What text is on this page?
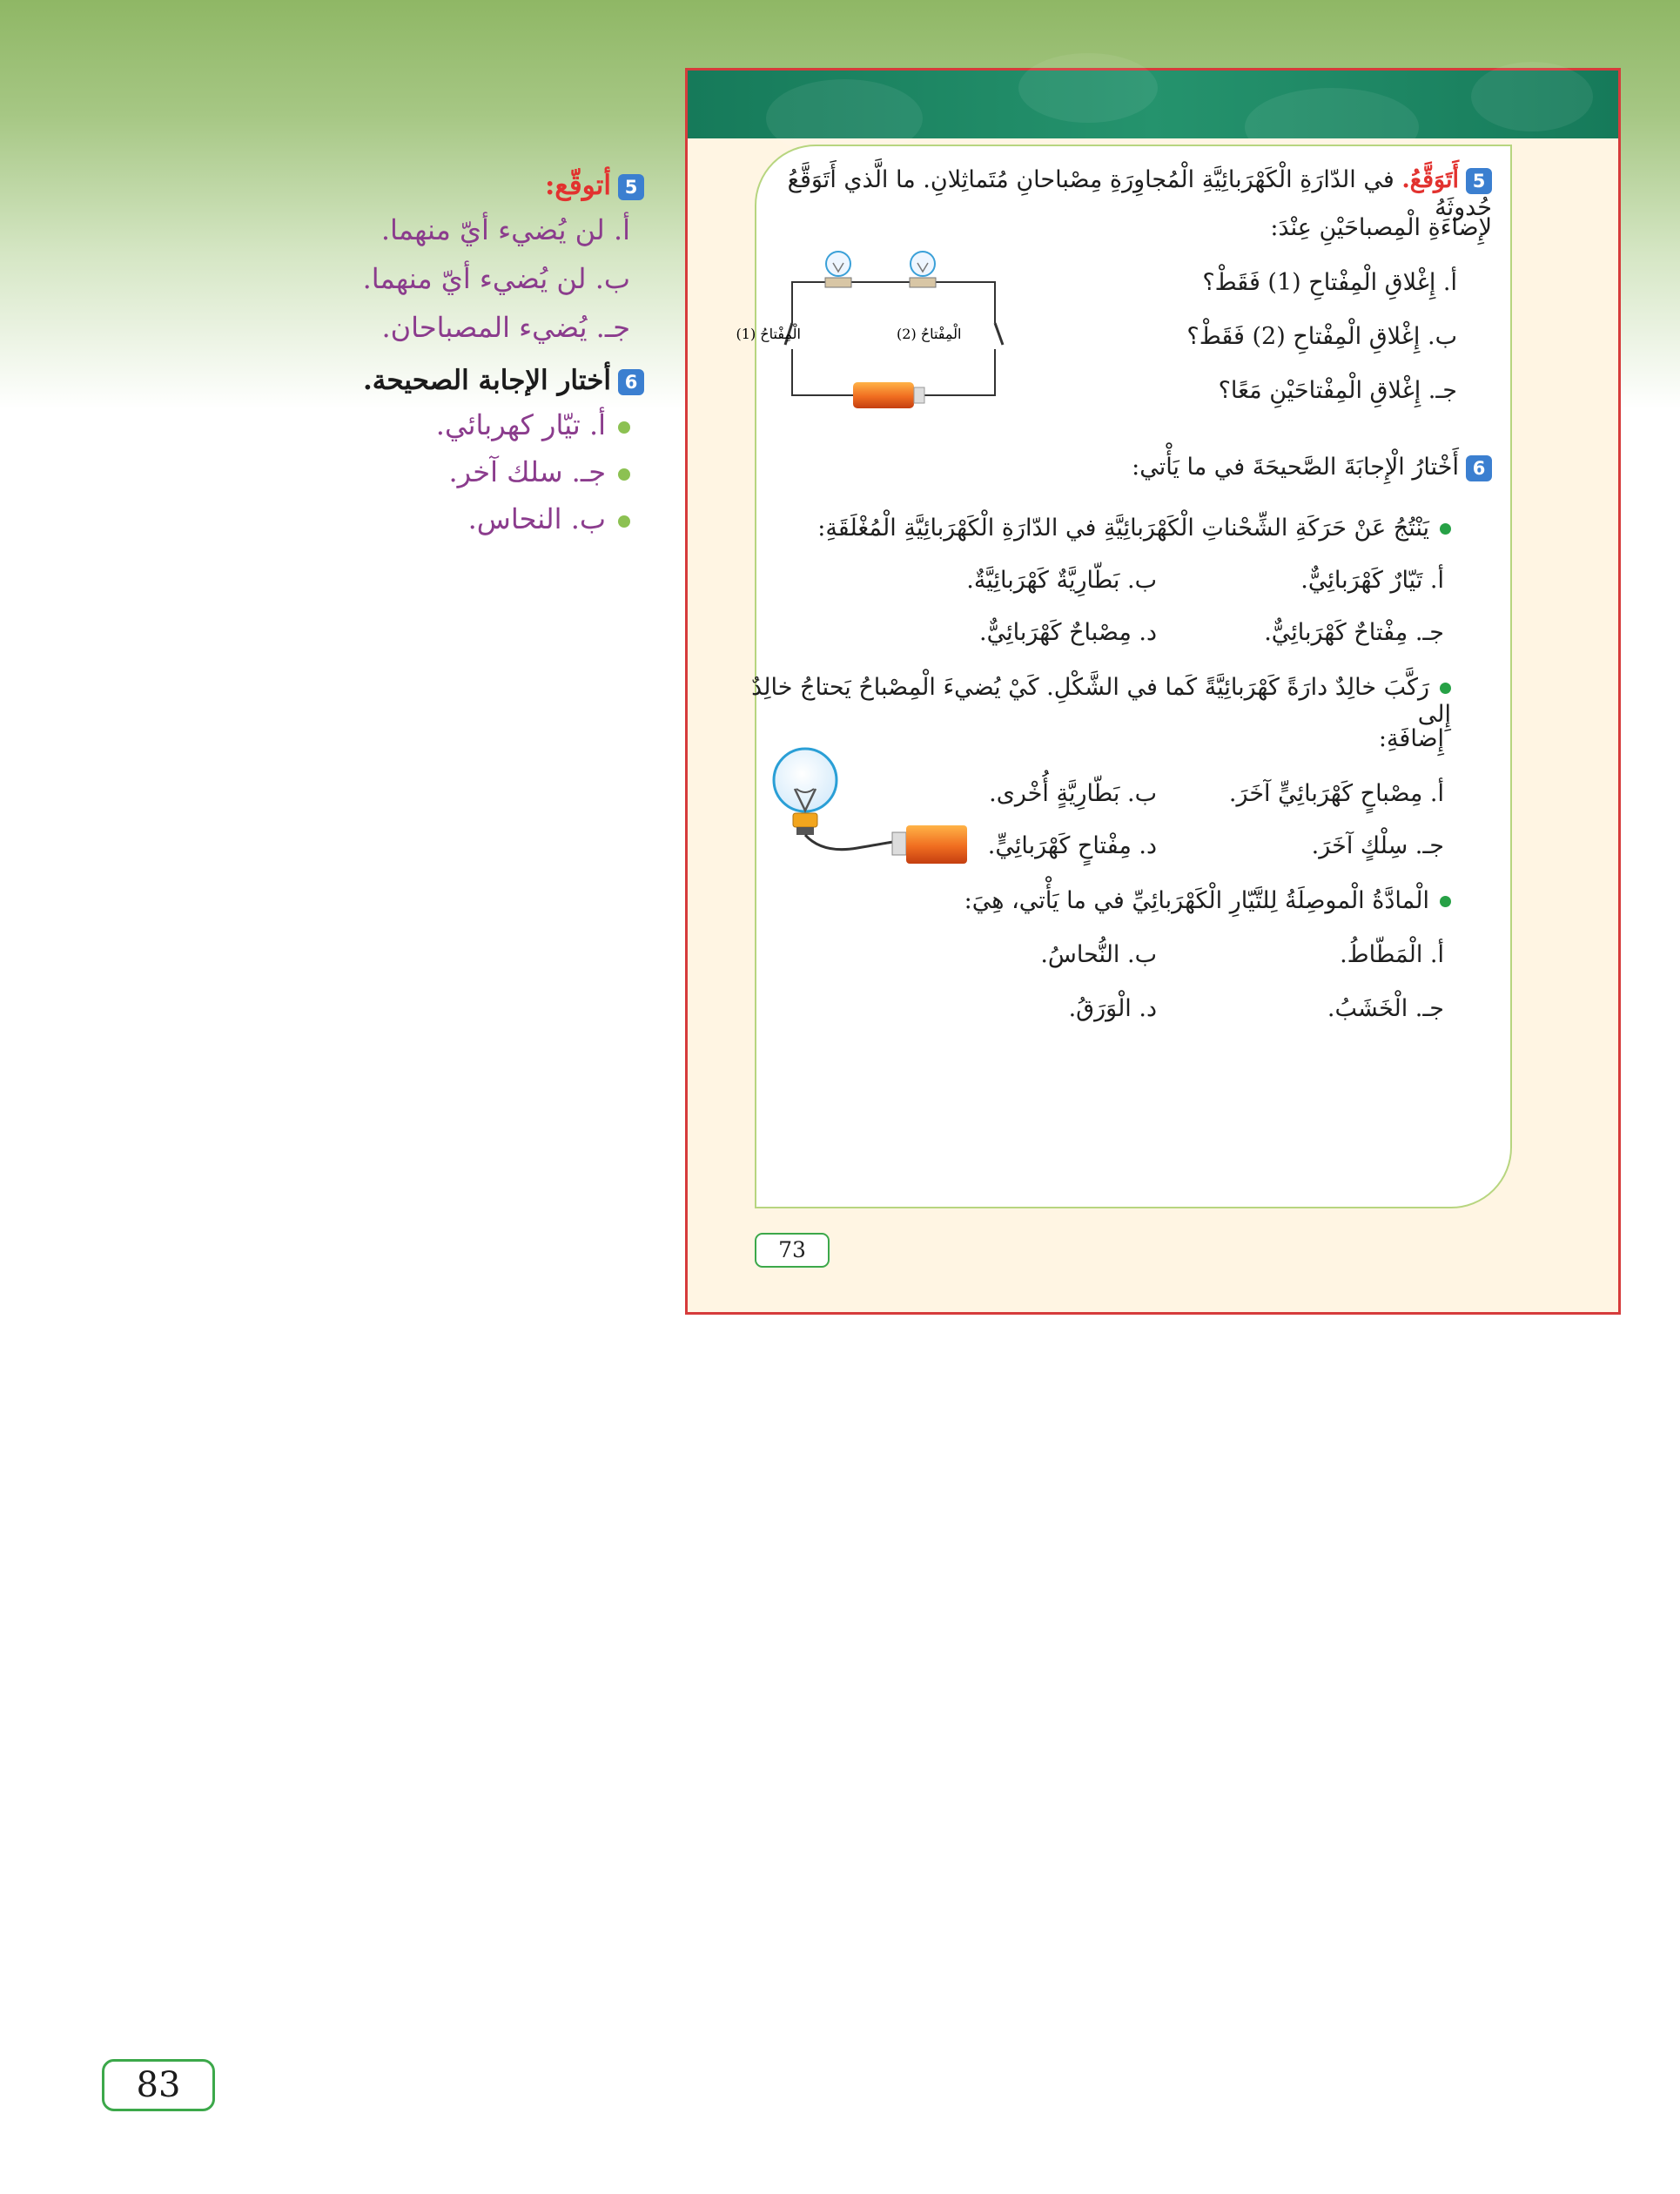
5أتوقّع:
أ. لن يُضيء أيّ منهما.
ب. لن يُضيء أيّ منهما.
جـ. يُضيء المصباحان.
6أختار الإجابة الصحيحة.
أ. تيّار كهربائي.
جـ. سلك آخر.
ب. النحاس.
5أَتَوَقَّعُ. في الدّارَةِ الْكَهْرَبائِيَّةِ الْمُجاوِرَةِ مِصْباحانِ مُتَماثِلانِ. ما الَّذي أَتَوَقَّعُ حُدوثَهُ
لإِضاءَةِ الْمِصباحَيْنِ عِنْدَ:
أ. إِغْلاقِ الْمِفْتاحِ (1) فَقَطْ؟
ب. إِغْلاقِ الْمِفْتاحِ (2) فَقَطْ؟
جـ. إِغْلاقِ الْمِفْتاحَيْنِ مَعًا؟
الْمِفْتاحُ (2)
الْمِفْتاحُ (1)
6أَخْتارُ الْإِجابَةَ الصَّحيحَةَ في ما يَأْتي:
يَنْتُجُ عَنْ حَرَكَةِ الشِّحْناتِ الْكَهْرَبائِيَّةِ في الدّارَةِ الْكَهْرَبائِيَّةِ الْمُغْلَقَةِ:
أ. تَيّارٌ كَهْرَبائِيٌّ.
ب. بَطّارِيَّةٌ كَهْرَبائِيَّةٌ.
جـ. مِفْتاحٌ كَهْرَبائِيٌّ.
د. مِصْباحٌ كَهْرَبائِيٌّ.
رَكَّبَ خالِدٌ دارَةً كَهْرَبائِيَّةً كَما في الشَّكْلِ. كَيْ يُضيءَ الْمِصْباحُ يَحتاجُ خالِدٌ إِلى
إِضافَةِ:
أ. مِصْباحٍ كَهْرَبائِيٍّ آخَرَ.
ب. بَطّارِيَّةٍ أُخْرى.
جـ. سِلْكٍ آخَرَ.
د. مِفْتاحٍ كَهْرَبائِيٍّ.
الْمادَّةُ الْموصِلَةُ لِلتَّيّارِ الْكَهْرَبائِيِّ في ما يَأْتي، هِيَ:
أ. الْمَطّاطُ.
ب. النُّحاسُ.
جـ. الْخَشَبُ.
د. الْوَرَقُ.
73
83
